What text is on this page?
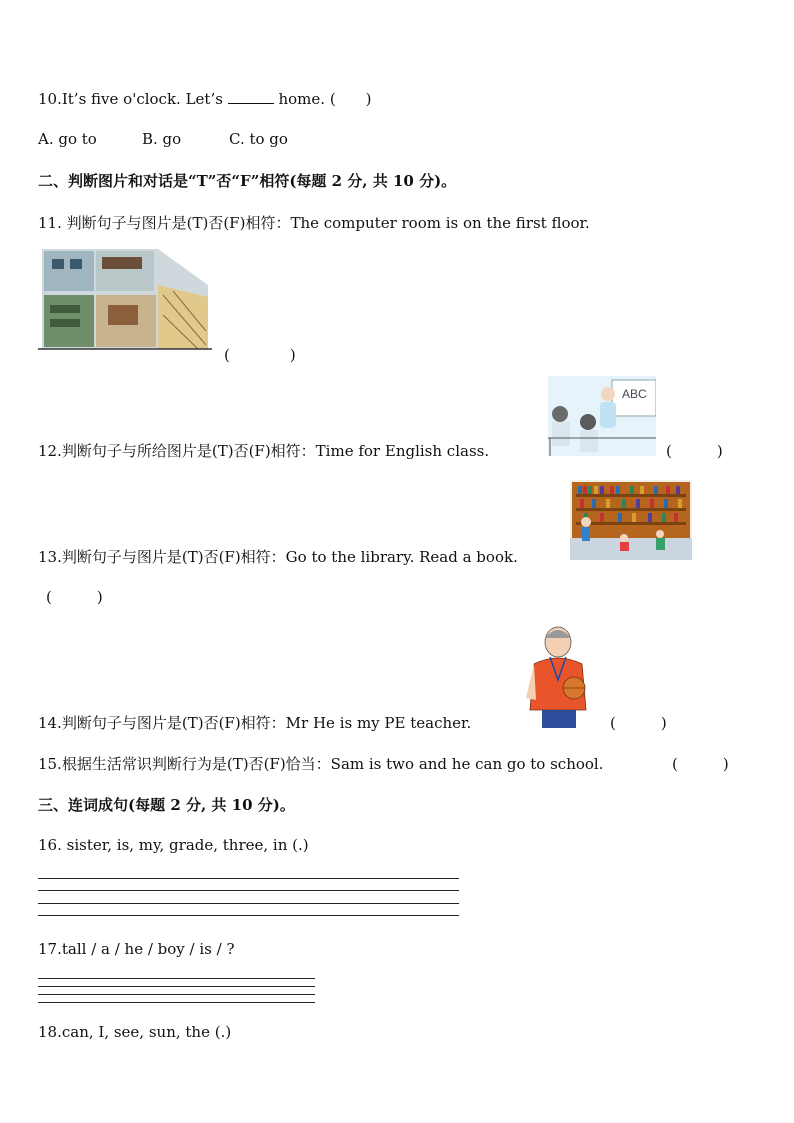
10.It’s five o'clock. Let’s	home. (　　)
A. go to	B. go	C. to go
二、判断图片和对话是“T”否“F”相符(每题 2 分, 共 10 分)。
11. 判断句子与图片是(T)否(F)相符：The computer room is on the first floor.
(　　　　)
ABC
12.判断句子与所给图片是(T)否(F)相符：Time for English class.	(　　　)
13.判断句子与图片是(T)否(F)相符：Go to the library. Read a book.
(　　　)
14.判断句子与图片是(T)否(F)相符：Mr He is my PE teacher.	(　　　)
15.根据生活常识判断行为是(T)否(F)恰当：Sam is two and he can go to school.	(　　　)
三、连词成句(每题 2 分, 共 10 分)。
16. sister, is, my, grade, three, in (.)
17.tall / a / he / boy / is / ?
18.can, I, see, sun, the (.)
